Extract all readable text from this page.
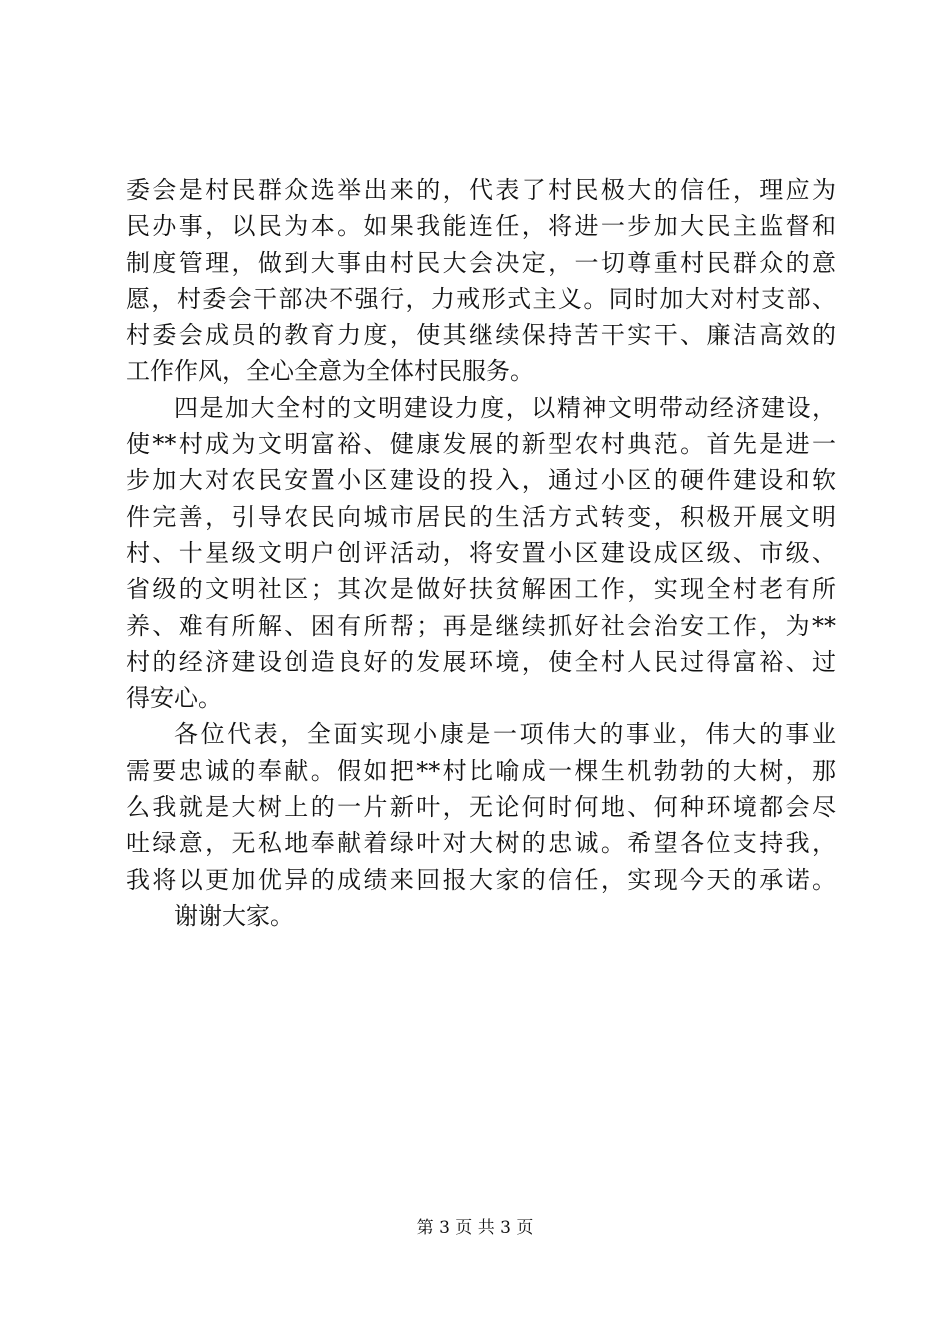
委会是村民群众选举出来的，代表了村民极大的信任，理应为
民办事，以民为本。如果我能连任，将进一步加大民主监督和
制度管理，做到大事由村民大会决定，一切尊重村民群众的意
愿，村委会干部决不强行，力戒形式主义。同时加大对村支部、
村委会成员的教育力度，使其继续保持苦干实干、廉洁高效的
工作作风，全心全意为全体村民服务。
四是加大全村的文明建设力度，以精神文明带动经济建设，
使**村成为文明富裕、健康发展的新型农村典范。首先是进一
步加大对农民安置小区建设的投入，通过小区的硬件建设和软
件完善，引导农民向城市居民的生活方式转变，积极开展文明
村、十星级文明户创评活动，将安置小区建设成区级、市级、
省级的文明社区；其次是做好扶贫解困工作，实现全村老有所
养、难有所解、困有所帮；再是继续抓好社会治安工作，为**
村的经济建设创造良好的发展环境，使全村人民过得富裕、过
得安心。
各位代表，全面实现小康是一项伟大的事业，伟大的事业
需要忠诚的奉献。假如把**村比喻成一棵生机勃勃的大树，那
么我就是大树上的一片新叶，无论何时何地、何种环境都会尽
吐绿意，无私地奉献着绿叶对大树的忠诚。希望各位支持我，
我将以更加优异的成绩来回报大家的信任，实现今天的承诺。
谢谢大家。
第 3 页 共 3 页
